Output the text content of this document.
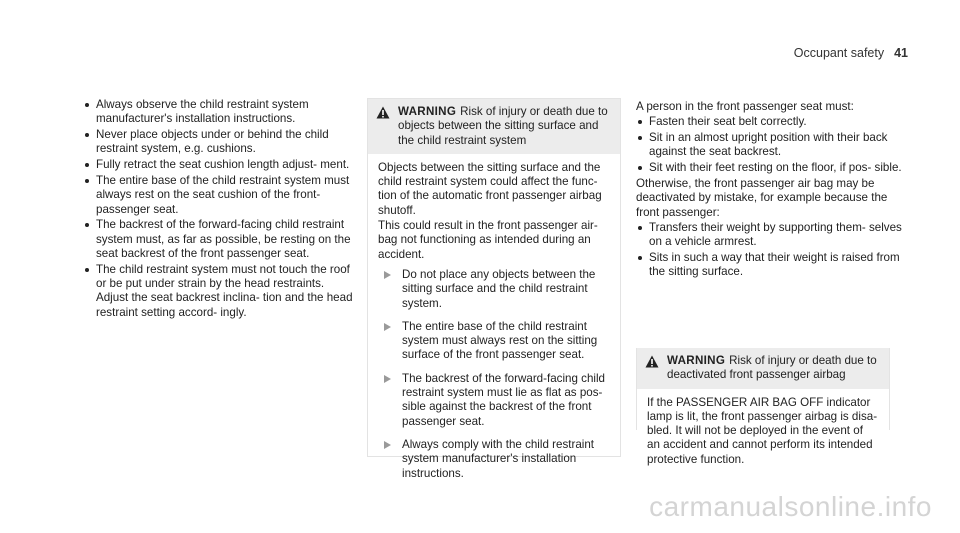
Occupant safety 41
Always observe the child restraint system manufacturer's installation instructions.
Never place objects under or behind the child restraint system, e.g. cushions.
Fully retract the seat cushion length adjust- ment.
The entire base of the child restraint system must always rest on the seat cushion of the front-passenger seat.
The backrest of the forward-facing child restraint system must, as far as possible, be resting on the seat backrest of the front passenger seat.
The child restraint system must not touch the roof or be put under strain by the head restraints. Adjust the seat backrest inclina- tion and the head restraint setting accord- ingly.
WARNING Risk of injury or death due to objects between the sitting surface and the child restraint system

Objects between the sitting surface and the child restraint system could affect the func- tion of the automatic front passenger airbag shutoff.

This could result in the front passenger air- bag not functioning as intended during an accident.

Do not place any objects between the sitting surface and the child restraint system.
The entire base of the child restraint system must always rest on the sitting surface of the front passenger seat.
The backrest of the forward-facing child restraint system must lie as flat as pos- sible against the backrest of the front passenger seat.
Always comply with the child restraint system manufacturer's installation instructions.

A person in the front passenger seat must:

Fasten their seat belt correctly.
Sit in an almost upright position with their back against the seat backrest.
Sit with their feet resting on the floor, if pos- sible.

Otherwise, the front passenger air bag may be deactivated by mistake, for example because the front passenger:

Transfers their weight by supporting them- selves on a vehicle armrest.
Sits in such a way that their weight is raised from the sitting surface.
WARNING Risk of injury or death due to deactivated front passenger airbag

If the PASSENGER AIR BAG OFF indicator lamp is lit, the front passenger airbag is disa- bled. It will not be deployed in the event of an accident and cannot perform its intended protective function.

carmanualsonline.info
